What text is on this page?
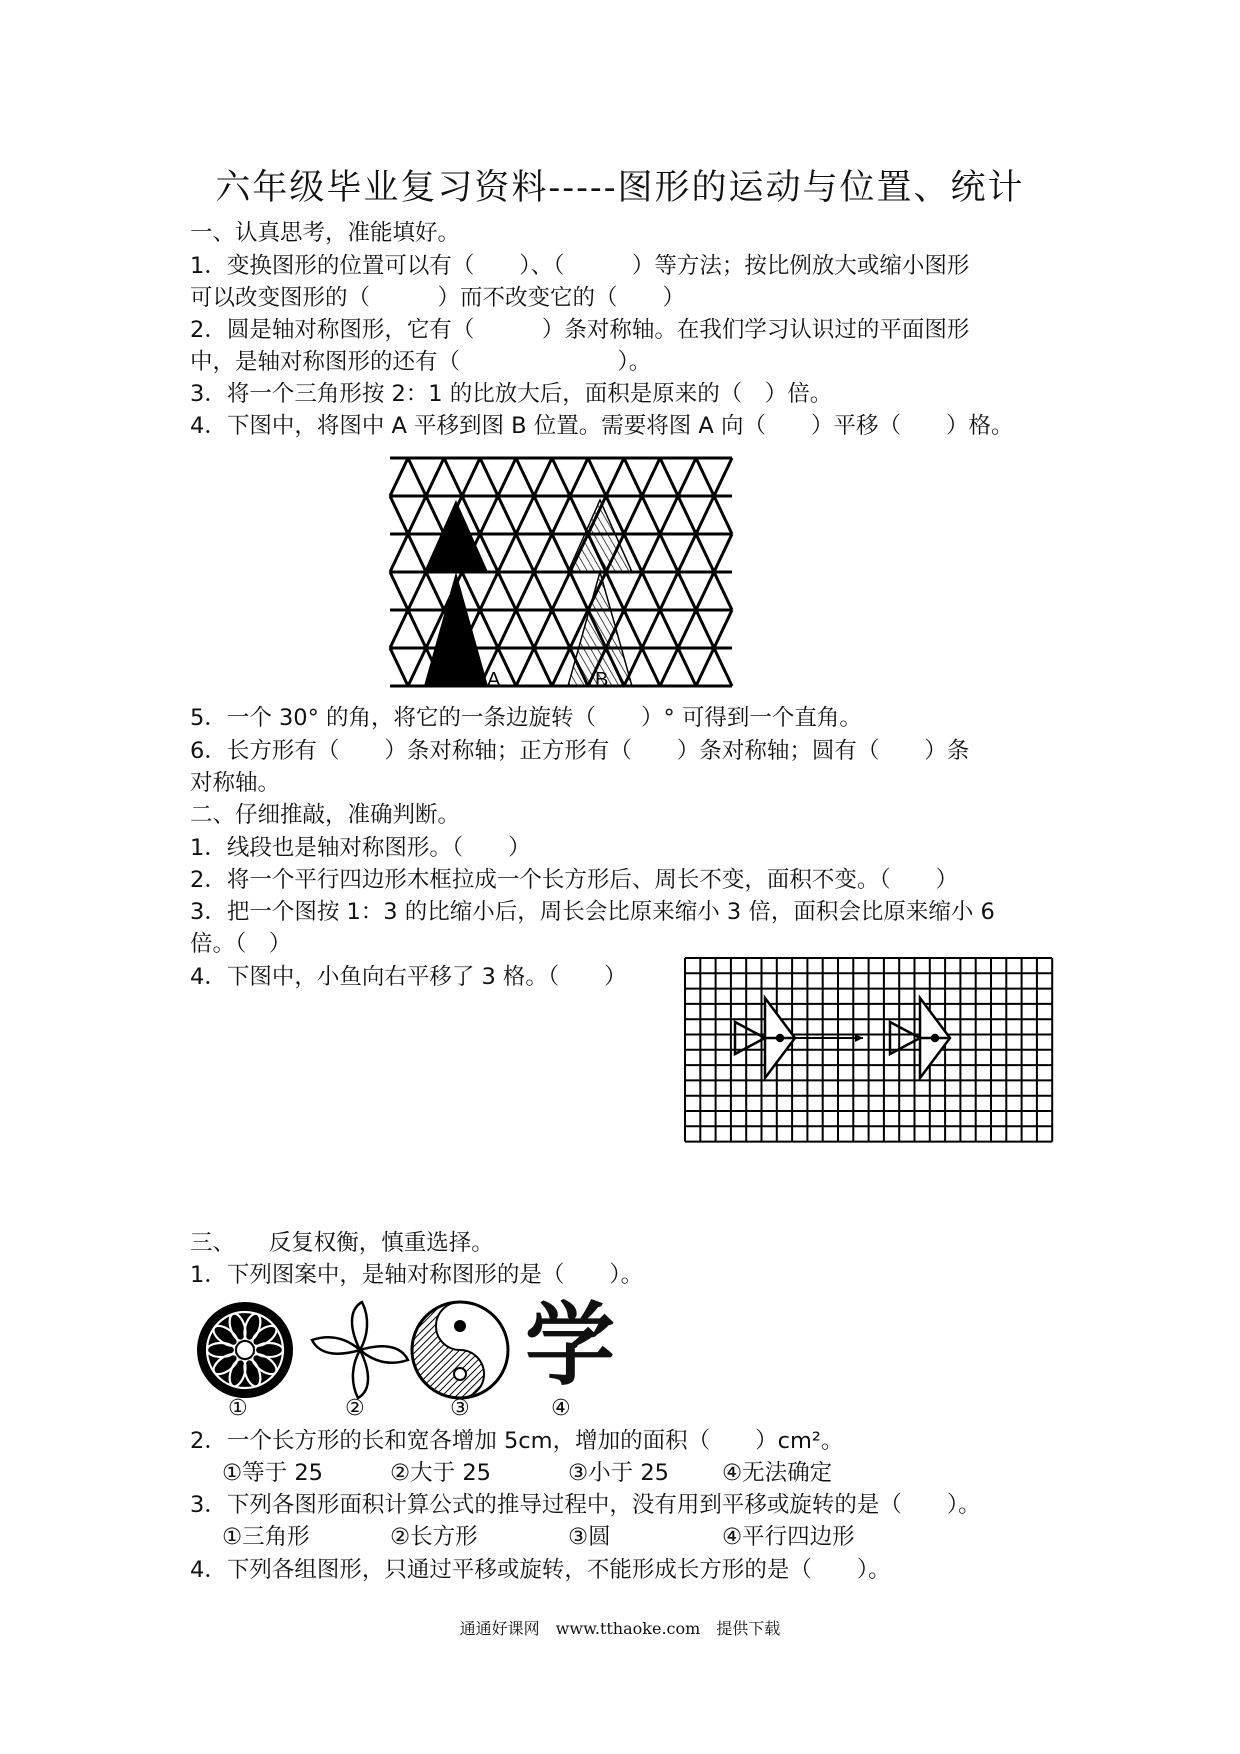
六年级毕业复习资料-----图形的运动与位置、统计
一、认真思考，准能填好。
1．变换图形的位置可以有（　　）、（　　　）等方法；按比例放大或缩小图形
可以改变图形的（　　　）而不改变它的（　　）
2．圆是轴对称图形，它有（　　　）条对称轴。在我们学习认识过的平面图形
中，是轴对称图形的还有（　　　　　　　）。
3．将一个三角形按 2：1 的比放大后，面积是原来的（　）倍。
4．下图中，将图中 A 平移到图 B 位置。需要将图 A 向（　　）平移（　　）格。
A	B
5．一个 30° 的角，将它的一条边旋转（　　）° 可得到一个直角。
6．长方形有（　　）条对称轴；正方形有（　　）条对称轴；圆有（　　）条
对称轴。
二、仔细推敲，准确判断。
1．线段也是轴对称图形。（　　）
2．将一个平行四边形木框拉成一个长方形后、周长不变，面积不变。（　　）
3．把一个图按 1：3 的比缩小后，周长会比原来缩小 3 倍，面积会比原来缩小 6
倍。（　）
4．下图中，小鱼向右平移了 3 格。（　　）
三、　　反复权衡，慎重选择。
1．下列图案中，是轴对称图形的是（　　）。
学
①	②	③	④
2．一个长方形的长和宽各增加 5cm，增加的面积（　　）cm²。
①等于 25	②大于 25	③小于 25 ④无法确定
3．下列各图形面积计算公式的推导过程中，没有用到平移或旋转的是（　　）。
①三角形	②长方形	③圆	④平行四边形
4．下列各组图形，只通过平移或旋转，不能形成长方形的是（　　）。
通通好课网　www.tthaoke.com　提供下载
